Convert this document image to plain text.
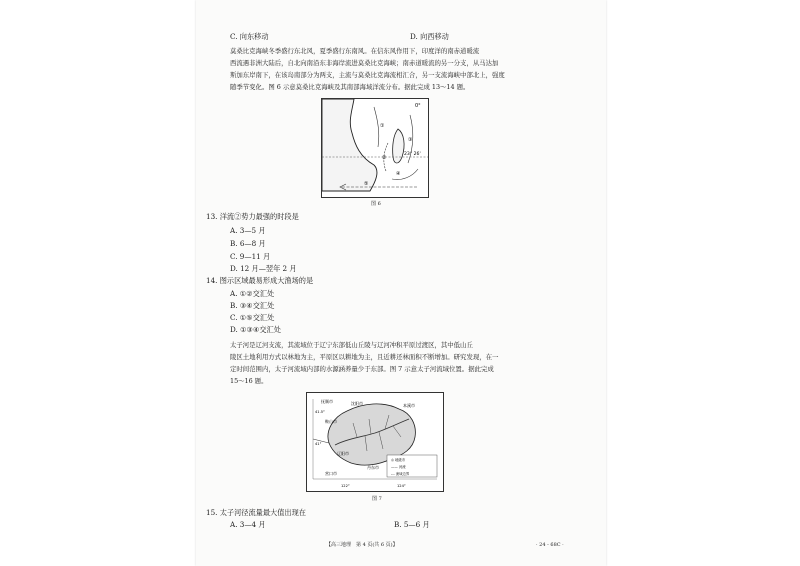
C. 向东移动	D. 向西移动
莫桑比克海峡冬季盛行东北风，夏季盛行东南风。在信东风作用下，印度洋的南赤道暖流
西流遇非洲大陆后，自北向南沿东非海岸流进莫桑比克海峡；南赤道暖流的另一分支，从马达加
斯加东岸南下，在该岛南部分为两支，主流与莫桑比克海流相汇合，另一支流海峡中部北上，强度
随季节变化。图 6 示意莫桑比克海峡及其南部海域洋流分布。据此完成 13～14 题。
0°
23° 26'
①
②
③
④
⑤
图 6
13. 洋流②势力最强的时段是
A. 3—5 月
B. 6—8 月
C. 9—11 月
D. 12 月—翌年 2 月
14. 图示区域最易形成大渔场的是
A. ①②交汇处
B. ③④交汇处
C. ①⑤交汇处
D. ①③④交汇处
太子河是辽河支流，其流域位于辽宁东部低山丘陵与辽河冲积平原过渡区，其中低山丘
陵区土地利用方式以林地为主，平原区以耕地为主，且近耕还林面积不断增加。研究发现，在一
定时间范围内，太子河流域内部的水源涵养量少于东部。图 7 示意太子河流域位置。据此完成
15～16 题。
抚顺市	沈阳市
鞍山市
本溪市
辽阳市
丹东市
营口市
41.5°
41°
122°	124°
◎ 地级市
—— 河流
--- 流域边界
图 7
15. 太子河径流量最大值出现在
A. 3—4 月	B. 5—6 月
【高三地理　第 4 页(共 6 页)】	· 24 - 68C ·
